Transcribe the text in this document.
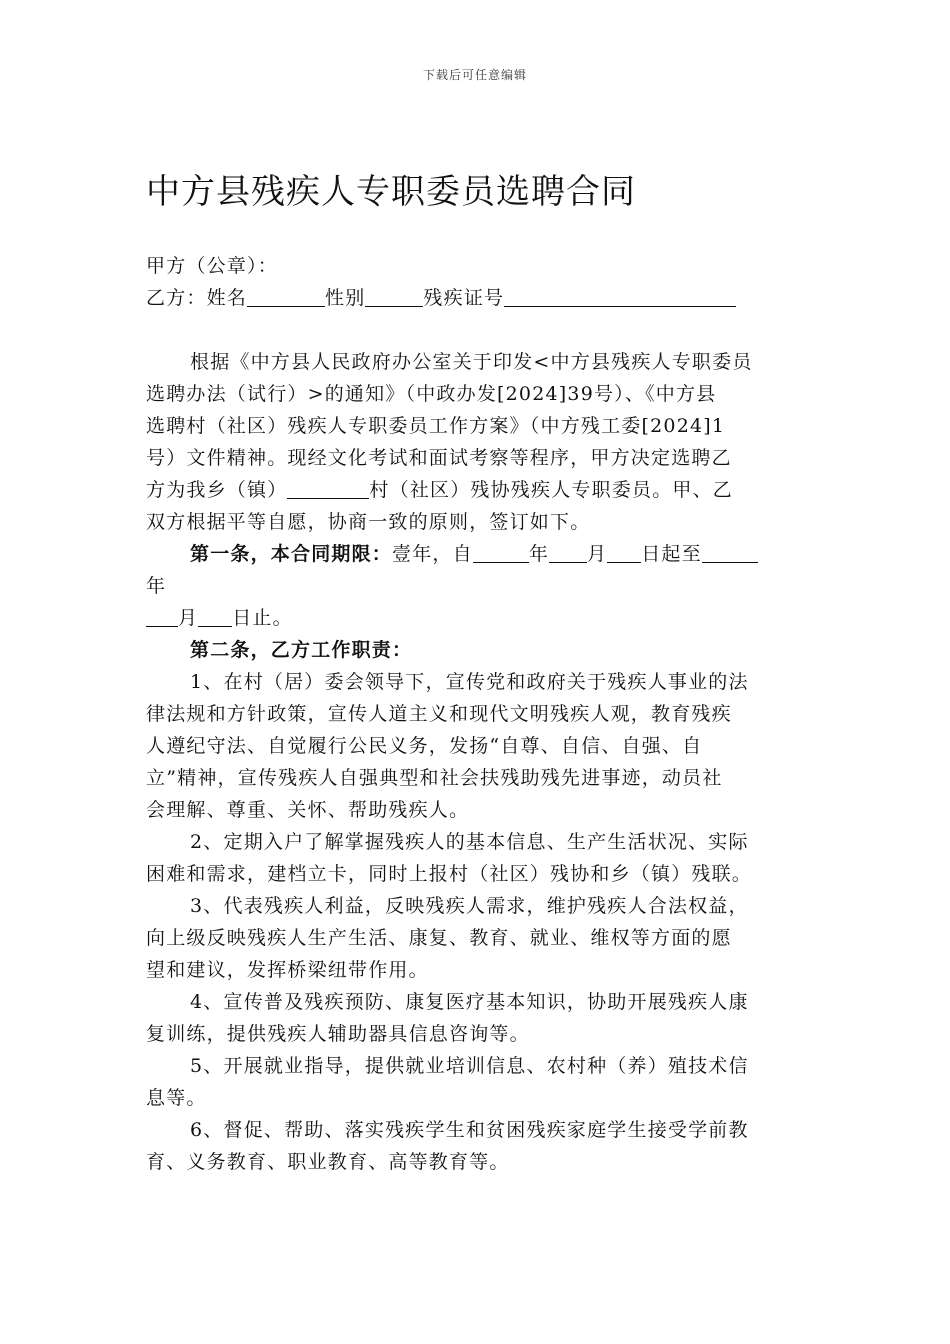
下载后可任意编辑
中方县残疾人专职委员选聘合同
甲方（公章）：
乙方：姓名	性别	残疾证号
根据《中方县人民政府办公室关于印发<中方县残疾人专职委员
选聘办法（试行）>的通知》（中政办发[2024]39号）、《中方县
选聘村（社区）残疾人专职委员工作方案》（中方残工委[2024]1
号）文件精神。现经文化考试和面试考察等程序，甲方决定选聘乙
方为我乡（镇）	村（社区）残协残疾人专职委员。甲、乙
双方根据平等自愿，协商一致的原则，签订如下。
第一条，本合同期限：壹年，自	年 月 日起至
年
月 日止。
第二条，乙方工作职责：
1、在村（居）委会领导下，宣传党和政府关于残疾人事业的法
律法规和方针政策，宣传人道主义和现代文明残疾人观，教育残疾
人遵纪守法、自觉履行公民义务，发扬“自尊、自信、自强、自
立”精神，宣传残疾人自强典型和社会扶残助残先进事迹，动员社
会理解、尊重、关怀、帮助残疾人。
2、定期入户了解掌握残疾人的基本信息、生产生活状况、实际
困难和需求，建档立卡，同时上报村（社区）残协和乡（镇）残联。
3、代表残疾人利益，反映残疾人需求，维护残疾人合法权益，
向上级反映残疾人生产生活、康复、教育、就业、维权等方面的愿
望和建议，发挥桥梁纽带作用。
4、宣传普及残疾预防、康复医疗基本知识，协助开展残疾人康
复训练，提供残疾人辅助器具信息咨询等。
5、开展就业指导，提供就业培训信息、农村种（养）殖技术信
息等。
6、督促、帮助、落实残疾学生和贫困残疾家庭学生接受学前教
育、义务教育、职业教育、高等教育等。
